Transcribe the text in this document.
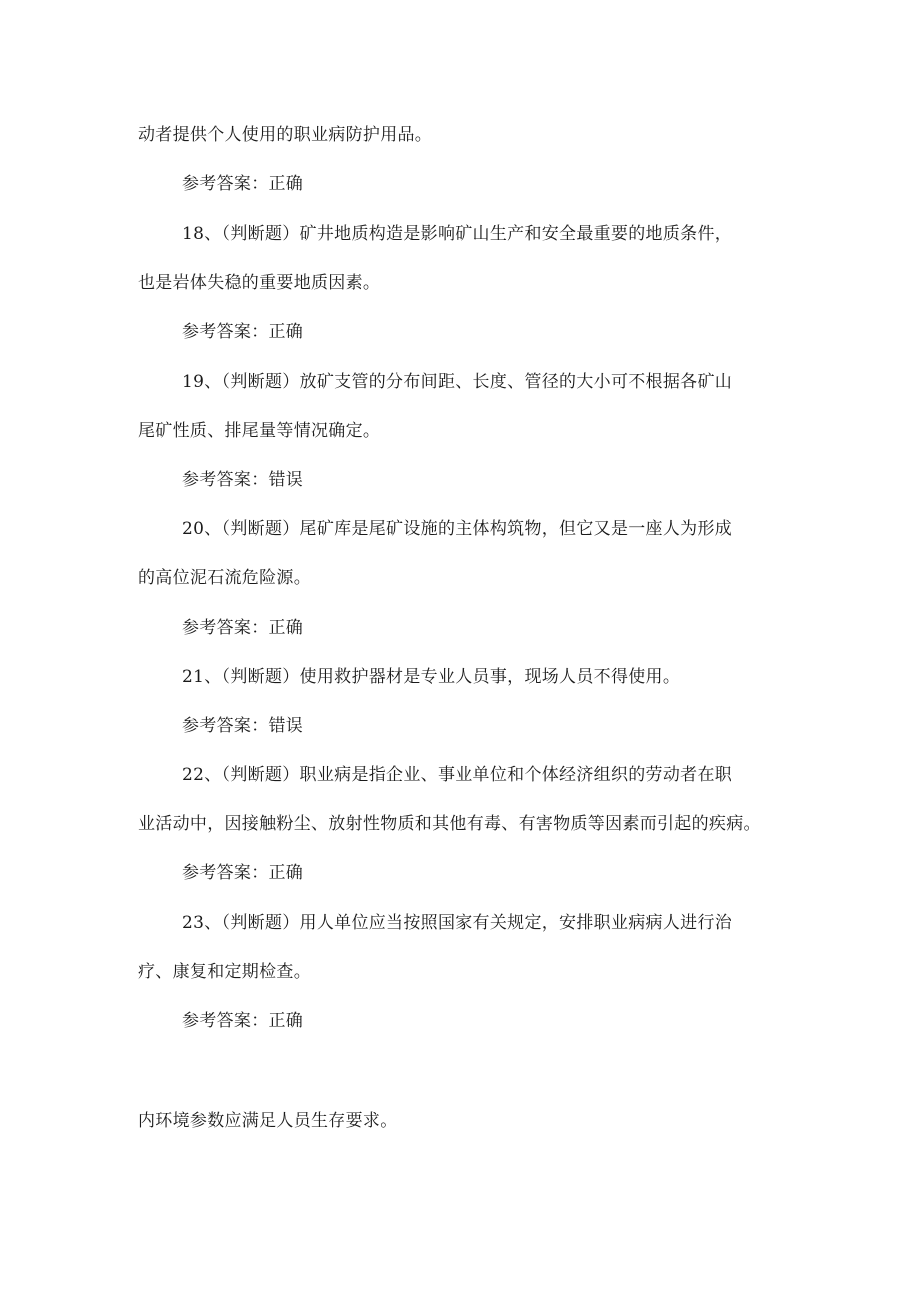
动者提供个人使用的职业病防护用品。
参考答案：正确
18、（判断题）矿井地质构造是影响矿山生产和安全最重要的地质条件，
也是岩体失稳的重要地质因素。
参考答案：正确
19、（判断题）放矿支管的分布间距、长度、管径的大小可不根据各矿山
尾矿性质、排尾量等情况确定。
参考答案：错误
20、（判断题）尾矿库是尾矿设施的主体构筑物，但它又是一座人为形成
的高位泥石流危险源。
参考答案：正确
21、（判断题）使用救护器材是专业人员事，现场人员不得使用。
参考答案：错误
22、（判断题）职业病是指企业、事业单位和个体经济组织的劳动者在职
业活动中，因接触粉尘、放射性物质和其他有毒、有害物质等因素而引起的疾病。
参考答案：正确
23、（判断题）用人单位应当按照国家有关规定，安排职业病病人进行治
疗、康复和定期检查。
参考答案：正确
内环境参数应满足人员生存要求。
